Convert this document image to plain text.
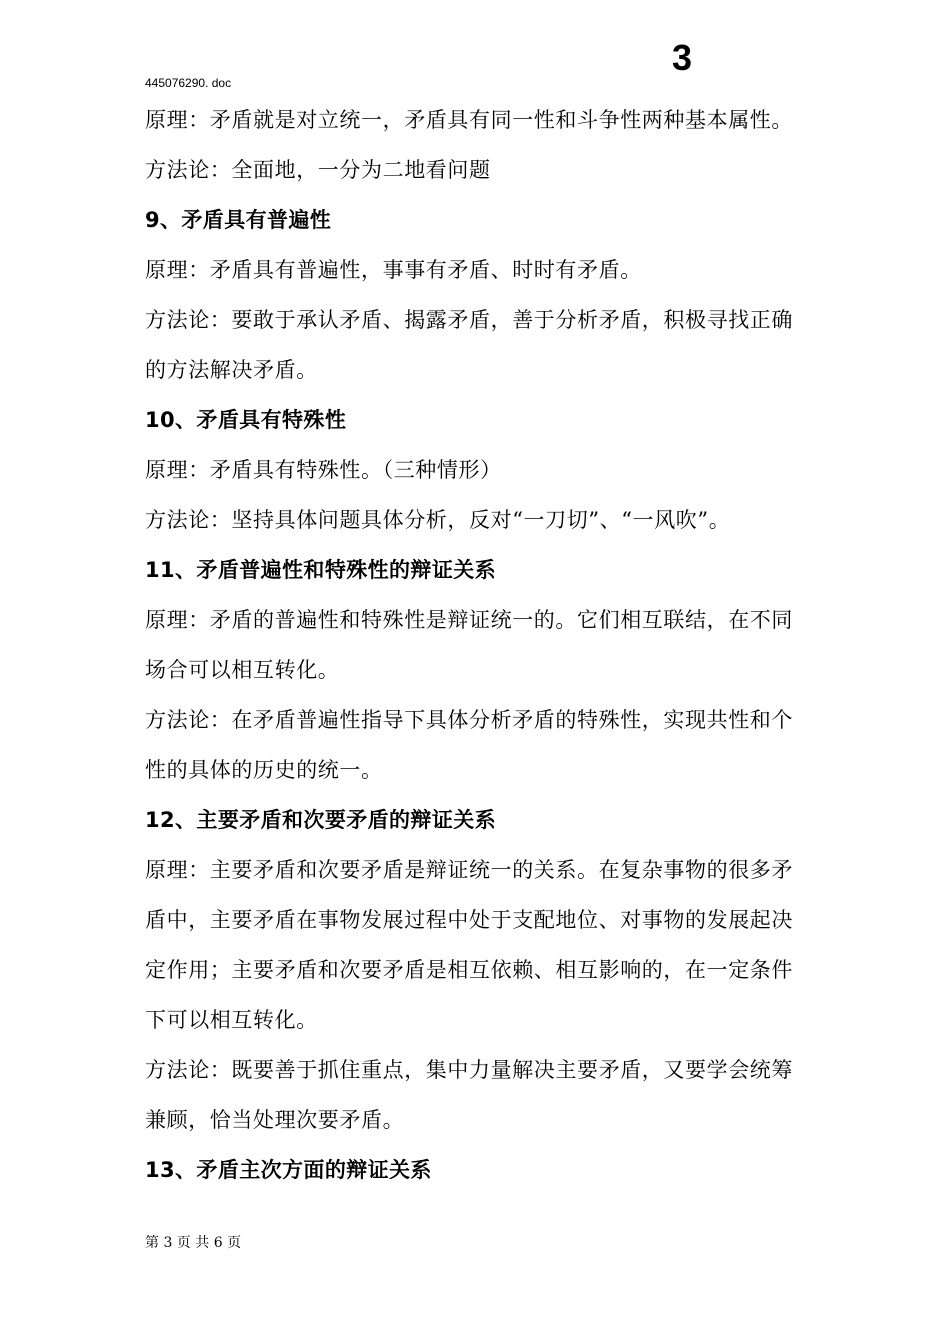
3
445076290. doc
原理：矛盾就是对立统一，矛盾具有同一性和斗争性两种基本属性。
方法论：全面地，一分为二地看问题
9、矛盾具有普遍性
原理：矛盾具有普遍性，事事有矛盾、时时有矛盾。
方法论：要敢于承认矛盾、揭露矛盾，善于分析矛盾，积极寻找正确
的方法解决矛盾。
10、矛盾具有特殊性
原理：矛盾具有特殊性。（三种情形）
方法论：坚持具体问题具体分析，反对“一刀切”、“一风吹”。
11、矛盾普遍性和特殊性的辩证关系
原理：矛盾的普遍性和特殊性是辩证统一的。它们相互联结，在不同
场合可以相互转化。
方法论：在矛盾普遍性指导下具体分析矛盾的特殊性，实现共性和个
性的具体的历史的统一。
12、主要矛盾和次要矛盾的辩证关系
原理：主要矛盾和次要矛盾是辩证统一的关系。在复杂事物的很多矛
盾中，主要矛盾在事物发展过程中处于支配地位、对事物的发展起决
定作用；主要矛盾和次要矛盾是相互依赖、相互影响的，在一定条件
下可以相互转化。
方法论：既要善于抓住重点，集中力量解决主要矛盾，又要学会统筹
兼顾，恰当处理次要矛盾。
13、矛盾主次方面的辩证关系
第 3 页 共 6 页
